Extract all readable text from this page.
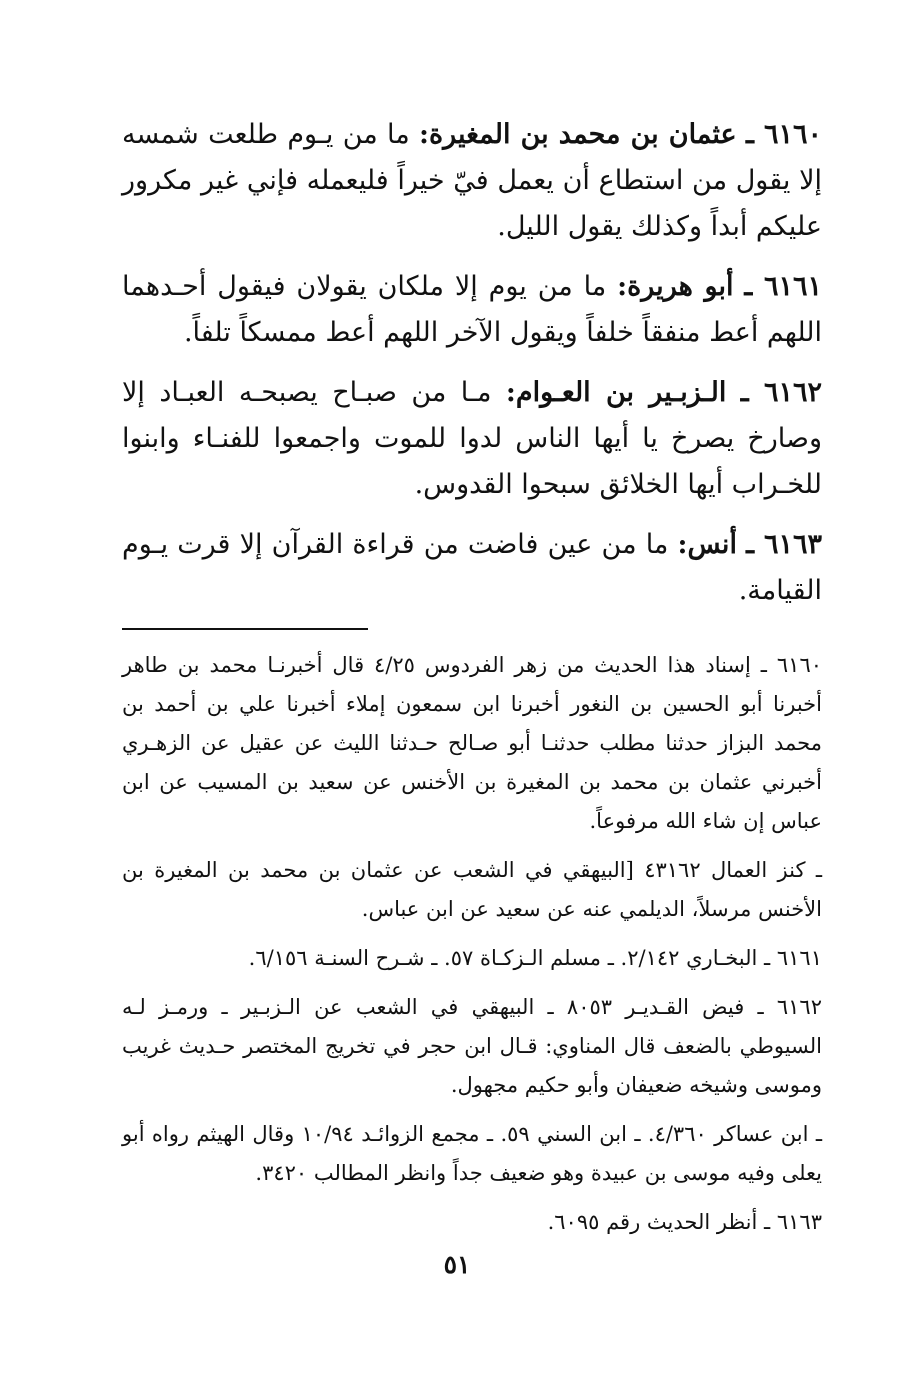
٦١٦٠ ـ عثمان بن محمد بن المغيرة: ما من يـوم طلعت شمسه إلا يقول من استطاع أن يعمل فيّ خيراً فليعمله فإني غير مكرور عليكم أبداً وكذلك يقول الليل.

٦١٦١ ـ أبو هريرة: ما من يوم إلا ملكان يقولان فيقول أحـدهما اللهم أعط منفقاً خلفاً ويقول الآخر اللهم أعط ممسكاً تلفاً.

٦١٦٢ ـ الـزبـير بن العـوام: مـا من صبـاح يصبحـه العبـاد إلا وصارخ يصرخ يا أيها الناس لدوا للموت واجمعوا للفنـاء وابنوا للخـراب أيها الخلائق سبحوا القدوس.

٦١٦٣ ـ أنس: ما من عين فاضت من قراءة القرآن إلا قرت يـوم القيامة.

٦١٦٠ ـ إسناد هذا الحديث من زهر الفردوس ٤/٢٥ قال أخبرنـا محمد بن طاهر أخبرنا أبو الحسين بن النغور أخبرنا ابن سمعون إملاء أخبرنا علي بن أحمد بن محمد البزاز حدثنا مطلب حدثنـا أبو صـالح حـدثنا الليث عن عقيل عن الزهـري أخبرني عثمان بن محمد بن المغيرة بن الأخنس عن سعيد بن المسيب عن ابن عباس إن شاء الله مرفوعاً.

ـ كنز العمال ٤٣١٦٢ [البيهقي في الشعب عن عثمان بن محمد بن المغيرة بن الأخنس مرسلاً، الديلمي عنه عن سعيد عن ابن عباس.

٦١٦١ ـ البخـاري ٢/١٤٢. ـ مسلم الـزكـاة ٥٧. ـ شـرح السنـة ٦/١٥٦.

٦١٦٢ ـ فيض القـديـر ٨٠٥٣ ـ البيهقي في الشعب عن الـزبـير ـ ورمـز لـه السيوطي بالضعف قال المناوي: قـال ابن حجر في تخريج المختصر حـديث غريب وموسى وشيخه ضعيفان وأبو حكيم مجهول.

ـ ابن عساكر ٤/٣٦٠. ـ ابن السني ٥٩. ـ مجمع الزوائـد ١٠/٩٤ وقال الهيثم رواه أبو يعلى وفيه موسى بن عبيدة وهو ضعيف جداً وانظر المطالب ٣٤٢٠.

٦١٦٣ ـ أنظر الحديث رقم ٦٠٩٥.

٥١
